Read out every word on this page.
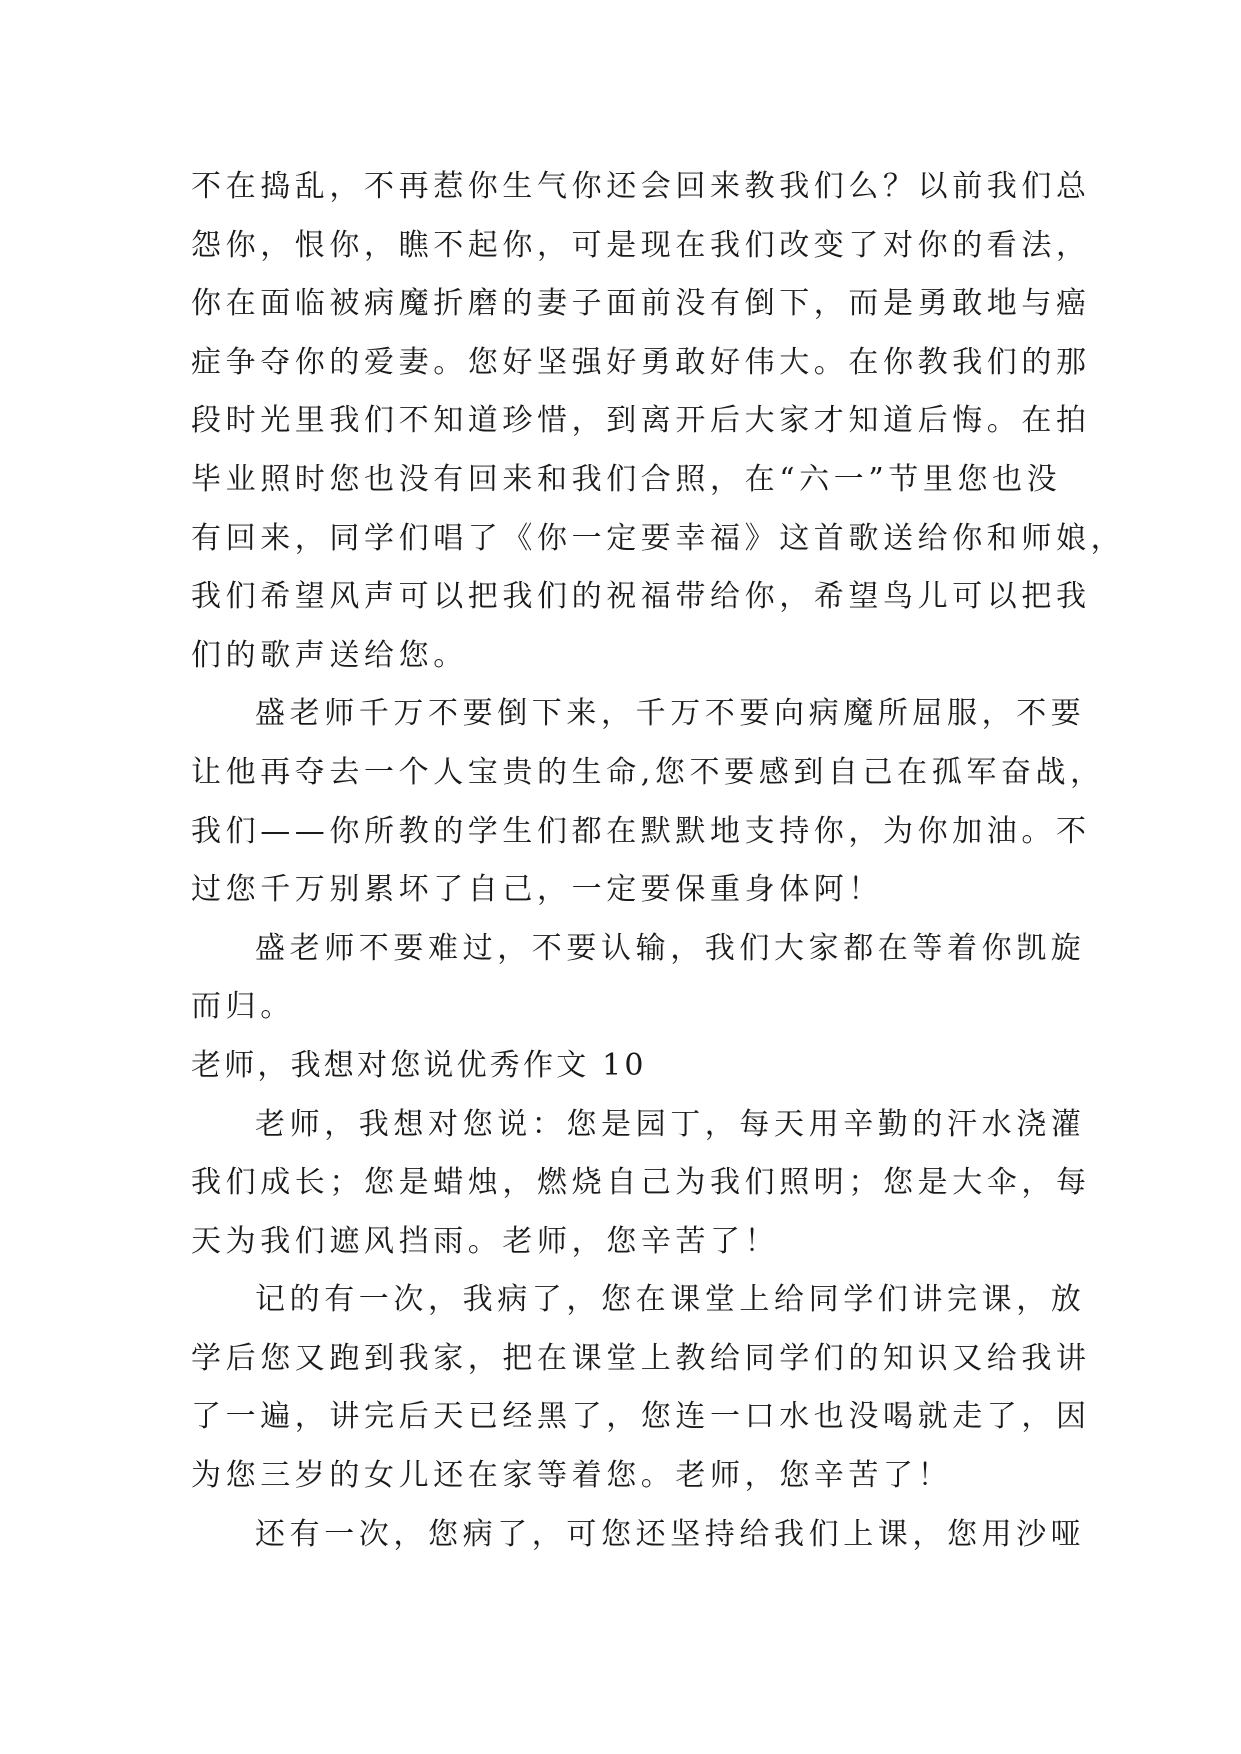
不在捣乱，不再惹你生气你还会回来教我们么？以前我们总
怨你，恨你，瞧不起你，可是现在我们改变了对你的看法，
你在面临被病魔折磨的妻子面前没有倒下，而是勇敢地与癌
症争夺你的爱妻。您好坚强好勇敢好伟大。在你教我们的那
段时光里我们不知道珍惜，到离开后大家才知道后悔。在拍
毕业照时您也没有回来和我们合照，在“六一”节里您也没
有回来，同学们唱了《你一定要幸福》这首歌送给你和师娘，
我们希望风声可以把我们的祝福带给你，希望鸟儿可以把我
们的歌声送给您。
盛老师千万不要倒下来，千万不要向病魔所屈服，不要
让他再夺去一个人宝贵的生命,您不要感到自己在孤军奋战，
我们——你所教的学生们都在默默地支持你，为你加油。不
过您千万别累坏了自己，一定要保重身体阿！
盛老师不要难过，不要认输，我们大家都在等着你凯旋
而归。
老师，我想对您说优秀作文 10
老师，我想对您说：您是园丁，每天用辛勤的汗水浇灌
我们成长；您是蜡烛，燃烧自己为我们照明；您是大伞，每
天为我们遮风挡雨。老师，您辛苦了！
记的有一次，我病了，您在课堂上给同学们讲完课，放
学后您又跑到我家，把在课堂上教给同学们的知识又给我讲
了一遍，讲完后天已经黑了，您连一口水也没喝就走了，因
为您三岁的女儿还在家等着您。老师，您辛苦了！
还有一次，您病了，可您还坚持给我们上课，您用沙哑
